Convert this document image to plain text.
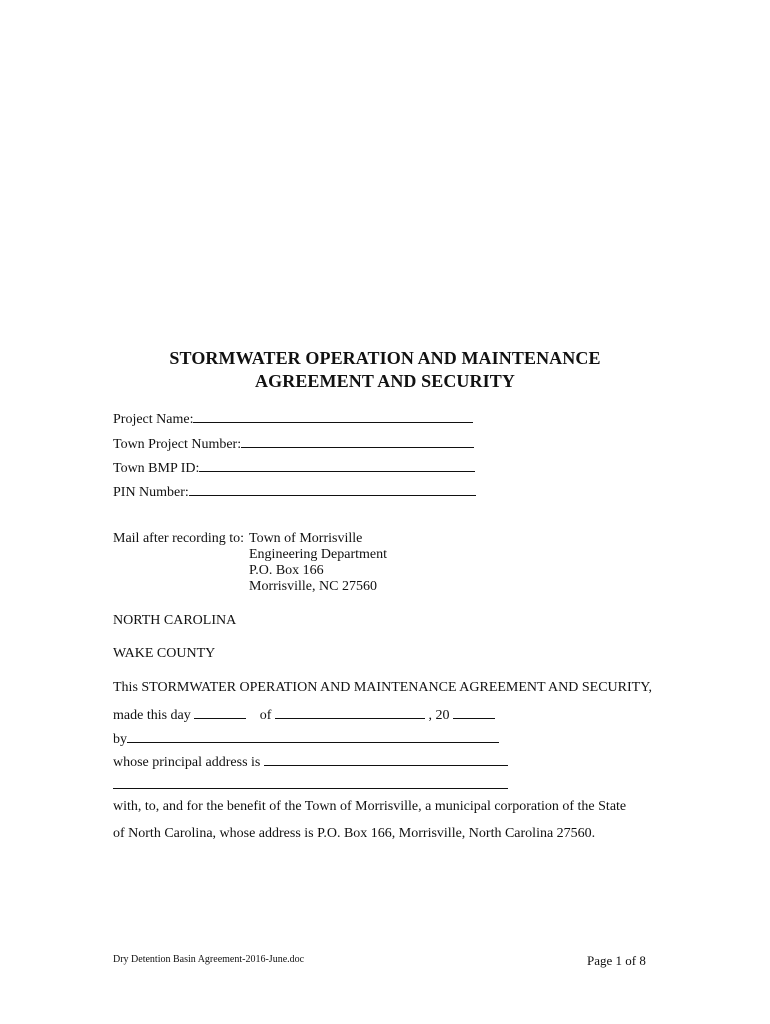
STORMWATER OPERATION AND MAINTENANCE
AGREEMENT AND SECURITY
Project Name:
Town Project Number:
Town BMP ID:
PIN Number:
Mail after recording to: Town of Morrisville
Engineering Department
P.O. Box 166
Morrisville, NC 27560
NORTH CAROLINA
WAKE COUNTY
This STORMWATER OPERATION AND MAINTENANCE AGREEMENT AND SECURITY,
made this day	of	, 20
by
whose principal address is
with, to, and for the benefit of the Town of Morrisville, a municipal corporation of the State
of North Carolina, whose address is P.O. Box 166, Morrisville, North Carolina 27560.
Dry Detention Basin Agreement-2016-June.doc	Page 1 of 8
